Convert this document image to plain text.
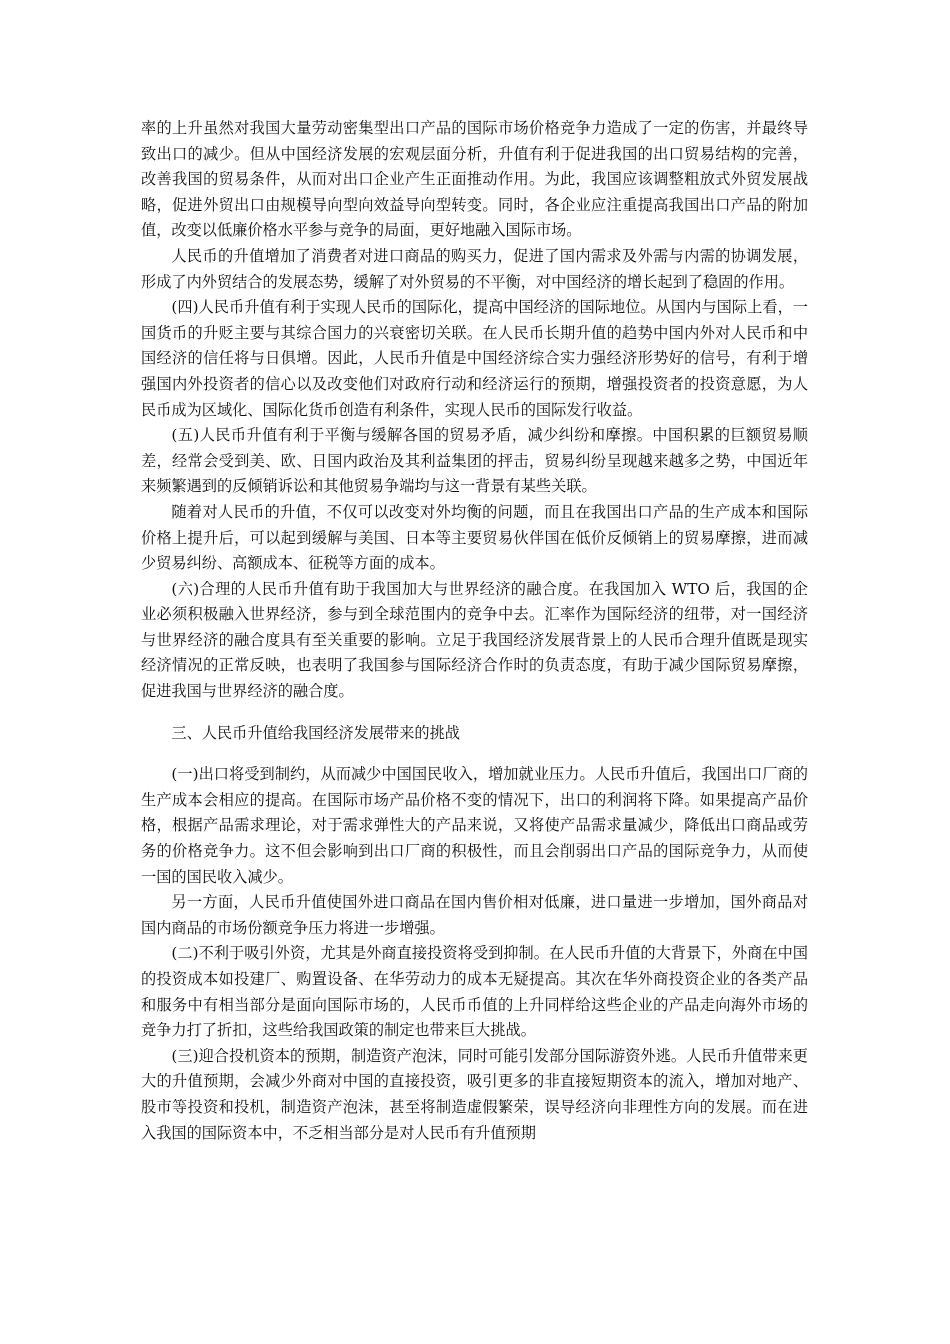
率的上升虽然对我国大量劳动密集型出口产品的国际市场价格竞争力造成了一定的伤害，并最终导致出口的减少。但从中国经济发展的宏观层面分析，升值有利于促进我国的出口贸易结构的完善，改善我国的贸易条件，从而对出口企业产生正面推动作用。为此，我国应该调整粗放式外贸发展战略，促进外贸出口由规模导向型向效益导向型转变。同时，各企业应注重提高我国出口产品的附加值，改变以低廉价格水平参与竞争的局面，更好地融入国际市场。

人民币的升值增加了消费者对进口商品的购买力，促进了国内需求及外需与内需的协调发展，形成了内外贸结合的发展态势，缓解了对外贸易的不平衡，对中国经济的增长起到了稳固的作用。

(四)人民币升值有利于实现人民币的国际化，提高中国经济的国际地位。从国内与国际上看，一国货币的升贬主要与其综合国力的兴衰密切关联。在人民币长期升值的趋势中国内外对人民币和中国经济的信任将与日俱增。因此，人民币升值是中国经济综合实力强经济形势好的信号，有利于增强国内外投资者的信心以及改变他们对政府行动和经济运行的预期，增强投资者的投资意愿，为人民币成为区域化、国际化货币创造有利条件，实现人民币的国际发行收益。

(五)人民币升值有利于平衡与缓解各国的贸易矛盾，减少纠纷和摩擦。中国积累的巨额贸易顺差，经常会受到美、欧、日国内政治及其利益集团的抨击，贸易纠纷呈现越来越多之势，中国近年来频繁遇到的反倾销诉讼和其他贸易争端均与这一背景有某些关联。

随着对人民币的升值，不仅可以改变对外均衡的问题，而且在我国出口产品的生产成本和国际价格上提升后，可以起到缓解与美国、日本等主要贸易伙伴国在低价反倾销上的贸易摩擦，进而减少贸易纠纷、高额成本、征税等方面的成本。

(六)合理的人民币升值有助于我国加大与世界经济的融合度。在我国加入 WTO 后，我国的企业必须积极融入世界经济，参与到全球范围内的竞争中去。汇率作为国际经济的纽带，对一国经济与世界经济的融合度具有至关重要的影响。立足于我国经济发展背景上的人民币合理升值既是现实经济情况的正常反映，也表明了我国参与国际经济合作时的负责态度，有助于减少国际贸易摩擦，促进我国与世界经济的融合度。

三、人民币升值给我国经济发展带来的挑战

(一)出口将受到制约，从而减少中国国民收入，增加就业压力。人民币升值后，我国出口厂商的生产成本会相应的提高。在国际市场产品价格不变的情况下，出口的利润将下降。如果提高产品价格，根据产品需求理论，对于需求弹性大的产品来说，又将使产品需求量减少，降低出口商品或劳务的价格竞争力。这不但会影响到出口厂商的积极性，而且会削弱出口产品的国际竞争力，从而使一国的国民收入减少。

另一方面，人民币升值使国外进口商品在国内售价相对低廉，进口量进一步增加，国外商品对国内商品的市场份额竞争压力将进一步增强。

(二)不利于吸引外资，尤其是外商直接投资将受到抑制。在人民币升值的大背景下，外商在中国的投资成本如投建厂、购置设备、在华劳动力的成本无疑提高。其次在华外商投资企业的各类产品和服务中有相当部分是面向国际市场的，人民币币值的上升同样给这些企业的产品走向海外市场的竞争力打了折扣，这些给我国政策的制定也带来巨大挑战。

(三)迎合投机资本的预期，制造资产泡沫，同时可能引发部分国际游资外逃。人民币升值带来更大的升值预期，会减少外商对中国的直接投资，吸引更多的非直接短期资本的流入，增加对地产、股市等投资和投机，制造资产泡沫，甚至将制造虚假繁荣，误导经济向非理性方向的发展。而在进入我国的国际资本中，不乏相当部分是对人民币有升值预期
